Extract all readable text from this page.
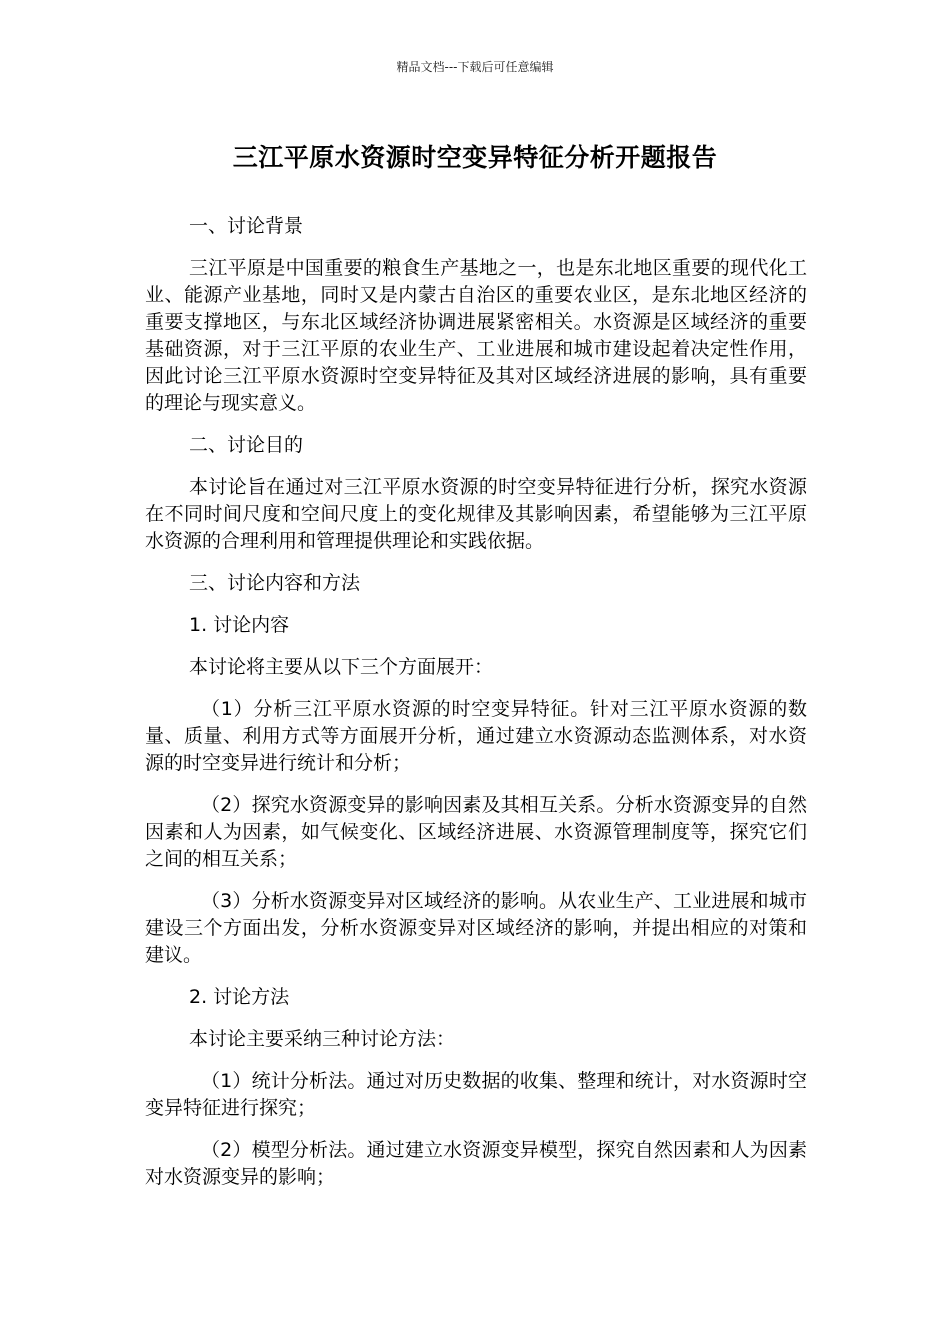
精品文档---下载后可任意编辑
三江平原水资源时空变异特征分析开题报告

一、讨论背景

三江平原是中国重要的粮食生产基地之一，也是东北地区重要的现代化工业、能源产业基地，同时又是内蒙古自治区的重要农业区，是东北地区经济的重要支撑地区，与东北区域经济协调进展紧密相关。水资源是区域经济的重要基础资源，对于三江平原的农业生产、工业进展和城市建设起着决定性作用，因此讨论三江平原水资源时空变异特征及其对区域经济进展的影响，具有重要的理论与现实意义。

二、讨论目的

本讨论旨在通过对三江平原水资源的时空变异特征进行分析，探究水资源在不同时间尺度和空间尺度上的变化规律及其影响因素，希望能够为三江平原水资源的合理利用和管理提供理论和实践依据。

三、讨论内容和方法

1. 讨论内容

本讨论将主要从以下三个方面展开：

（1）分析三江平原水资源的时空变异特征。针对三江平原水资源的数量、质量、利用方式等方面展开分析，通过建立水资源动态监测体系，对水资源的时空变异进行统计和分析；

（2）探究水资源变异的影响因素及其相互关系。分析水资源变异的自然因素和人为因素，如气候变化、区域经济进展、水资源管理制度等，探究它们之间的相互关系；

（3）分析水资源变异对区域经济的影响。从农业生产、工业进展和城市建设三个方面出发，分析水资源变异对区域经济的影响，并提出相应的对策和建议。

2. 讨论方法

本讨论主要采纳三种讨论方法：

（1）统计分析法。通过对历史数据的收集、整理和统计，对水资源时空变异特征进行探究；

（2）模型分析法。通过建立水资源变异模型，探究自然因素和人为因素对水资源变异的影响；
